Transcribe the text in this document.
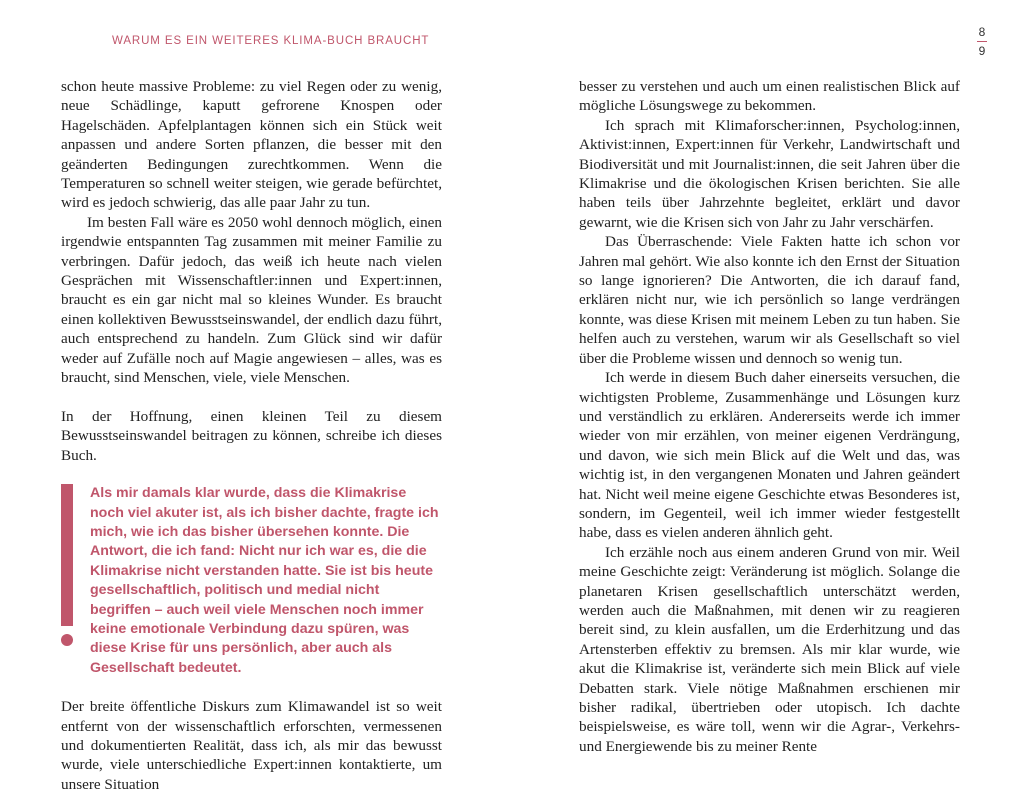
WARUM ES EIN WEITERES KLIMA-BUCH BRAUCHT
8
9

schon heute massive Probleme: zu viel Regen oder zu wenig, neue Schädlinge, kaputt gefrorene Knospen oder Hagelschäden. Apfelplantagen können sich ein Stück weit anpassen und andere Sorten pflanzen, die besser mit den geänderten Bedingungen zurechtkommen. Wenn die Temperaturen so schnell weiter steigen, wie gerade befürchtet, wird es jedoch schwierig, das alle paar Jahr zu tun.

Im besten Fall wäre es 2050 wohl dennoch möglich, einen irgendwie entspannten Tag zusammen mit meiner Familie zu verbringen. Dafür jedoch, das weiß ich heute nach vielen Gesprächen mit Wissenschaftler:innen und Expert:innen, braucht es ein gar nicht mal so kleines Wunder. Es braucht einen kollektiven Bewusstseinswandel, der endlich dazu führt, auch entsprechend zu handeln. Zum Glück sind wir dafür weder auf Zufälle noch auf Magie angewiesen – alles, was es braucht, sind Menschen, viele, viele Menschen.

In der Hoffnung, einen kleinen Teil zu diesem Bewusstseinswandel beitragen zu können, schreibe ich dieses Buch.

Als mir damals klar wurde, dass die Klimakrise noch viel akuter ist, als ich bisher dachte, fragte ich mich, wie ich das bisher übersehen konnte. Die Antwort, die ich fand: Nicht nur ich war es, die die Klimakrise nicht verstanden hatte. Sie ist bis heute gesellschaftlich, politisch und medial nicht begriffen – auch weil viele Menschen noch immer keine emotionale Verbindung dazu spüren, was diese Krise für uns persönlich, aber auch als Gesellschaft bedeutet.

Der breite öffentliche Diskurs zum Klimawandel ist so weit entfernt von der wissenschaftlich erforschten, vermessenen und dokumentierten Realität, dass ich, als mir das bewusst wurde, viele unterschiedliche Expert:innen kontaktierte, um unsere Situation

besser zu verstehen und auch um einen realistischen Blick auf mögliche Lösungswege zu bekommen.

Ich sprach mit Klimaforscher:innen, Psycholog:innen, Aktivist:innen, Expert:innen für Verkehr, Landwirtschaft und Biodiversität und mit Journalist:innen, die seit Jahren über die Klimakrise und die ökologischen Krisen berichten. Sie alle haben teils über Jahrzehnte begleitet, erklärt und davor gewarnt, wie die Krisen sich von Jahr zu Jahr verschärfen.

Das Überraschende: Viele Fakten hatte ich schon vor Jahren mal gehört. Wie also konnte ich den Ernst der Situation so lange ignorieren? Die Antworten, die ich darauf fand, erklären nicht nur, wie ich persönlich so lange verdrängen konnte, was diese Krisen mit meinem Leben zu tun haben. Sie helfen auch zu verstehen, warum wir als Gesellschaft so viel über die Probleme wissen und dennoch so wenig tun.

Ich werde in diesem Buch daher einerseits versuchen, die wichtigsten Probleme, Zusammenhänge und Lösungen kurz und verständlich zu erklären. Andererseits werde ich immer wieder von mir erzählen, von meiner eigenen Verdrängung, und davon, wie sich mein Blick auf die Welt und das, was wichtig ist, in den vergangenen Monaten und Jahren geändert hat. Nicht weil meine eigene Geschichte etwas Besonderes ist, sondern, im Gegenteil, weil ich immer wieder festgestellt habe, dass es vielen anderen ähnlich geht.

Ich erzähle noch aus einem anderen Grund von mir. Weil meine Geschichte zeigt: Veränderung ist möglich. Solange die planetaren Krisen gesellschaftlich unterschätzt werden, werden auch die Maßnahmen, mit denen wir zu reagieren bereit sind, zu klein ausfallen, um die Erderhitzung und das Artensterben effektiv zu bremsen. Als mir klar wurde, wie akut die Klimakrise ist, veränderte sich mein Blick auf viele Debatten stark. Viele nötige Maßnahmen erschienen mir bisher radikal, übertrieben oder utopisch. Ich dachte beispielsweise, es wäre toll, wenn wir die Agrar-, Verkehrs- und Energiewende bis zu meiner Rente
